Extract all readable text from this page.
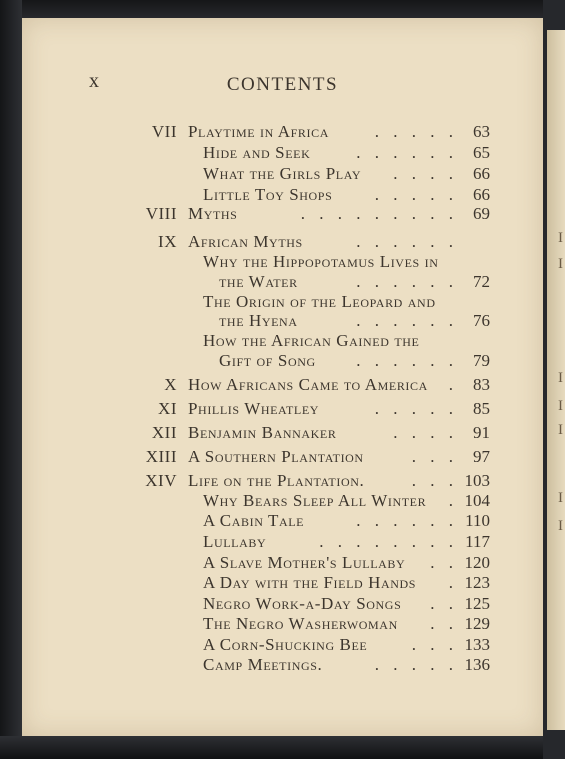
I
I
I
I
I
I
I
x	CONTENTS
VII Playtime in Africa	. . . . . 63
Hide and Seek	. . . . . . 65
What the Girls Play . . . . 66
Little Toy Shops . . . . . 66
VIII Myths	. . . . . . . . . 69
IX African Myths	. . . . . .
Why the Hippopotamus Lives in
the Water	. . . . . . 72
The Origin of the Leopard and
the Hyena	. . . . . . 76
How the African Gained the
Gift of Song . . . . . . 79
X How Africans Came to America . 83
XI Phillis Wheatley	. . . . . 85
XII Benjamin Bannaker	. . . . 91
XIII A Southern Plantation	. . . 97
XIV Life on the Plantation.	. . . 103
Why Bears Sleep All Winter . 104
A Cabin Tale	. . . . . . 110
Lullaby	. . . . . . . . 117
A Slave Mother's Lullaby . . 120
A Day with the Field Hands . 123
Negro Work-a-Day Songs . . 125
The Negro Washerwoman . . 129
A Corn-Shucking Bee	. . . 133
Camp Meetings.	. . . . . 136
